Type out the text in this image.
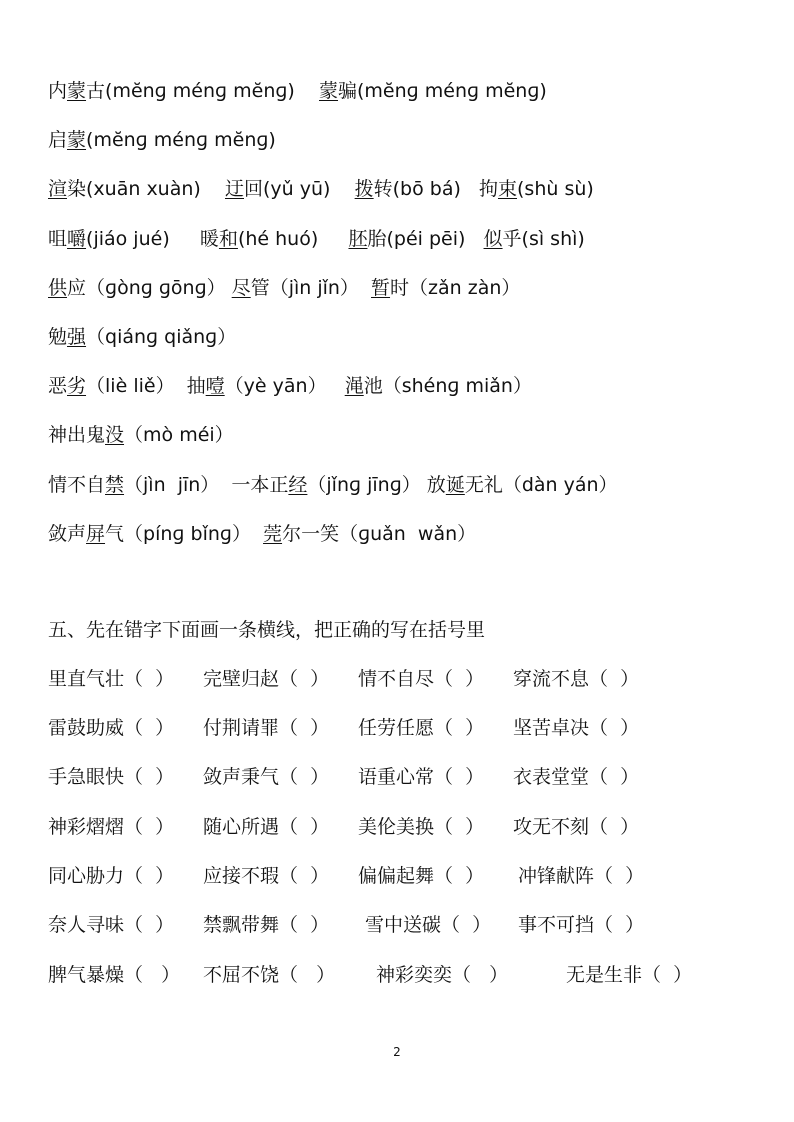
内蒙古(mĕnɡ ménɡ mĕnɡ)    蒙骗(mĕnɡ ménɡ mĕnɡ)
启蒙(mĕnɡ ménɡ mĕnɡ)
渲染(xuān xuàn)    迂回(yǔ yū)    拨转(bō bá)   拘束(shù sù)
咀嚼(jiáo jué)     暖和(hé huó)     胚胎(péi pēi)   似乎(sì shì)
供应（ɡònɡ ɡōnɡ） 尽管（jìn jǐn）  暂时（zǎn zàn）
勉强（qiánɡ qiǎnɡ）
恶劣（liè liě）  抽噎（yè yān）   渑池（shénɡ miǎn）
神出鬼没（mò méi）
情不自禁（jìn  jīn）  一本正经（jǐnɡ jīnɡ） 放诞无礼（dàn yán）
敛声屏气（pínɡ bǐnɡ）  莞尔一笑（ɡuǎn  wǎn）
五、先在错字下面画一条横线，把正确的写在括号里
里直气壮（  ） 完壁归赵（  ） 情不自尽（  ） 穿流不息（  ）
雷鼓助威（  ） 付荆请罪（  ） 任劳任愿（  ） 坚苦卓决（  ）
手急眼快（  ） 敛声秉气（  ） 语重心常（  ） 衣表堂堂（  ）
神彩熠熠（  ） 随心所遇（  ） 美伦美换（  ） 攻无不刻（  ）
同心胁力（  ） 应接不瑕（  ） 偏偏起舞（  ） 冲锋献阵（  ）
奈人寻味（  ） 禁飘带舞（  ） 雪中送碳（  ） 事不可挡（  ）
脾气暴燥（   ） 不屈不饶（   ） 神彩奕奕（   ）	无是生非（  ）
2
